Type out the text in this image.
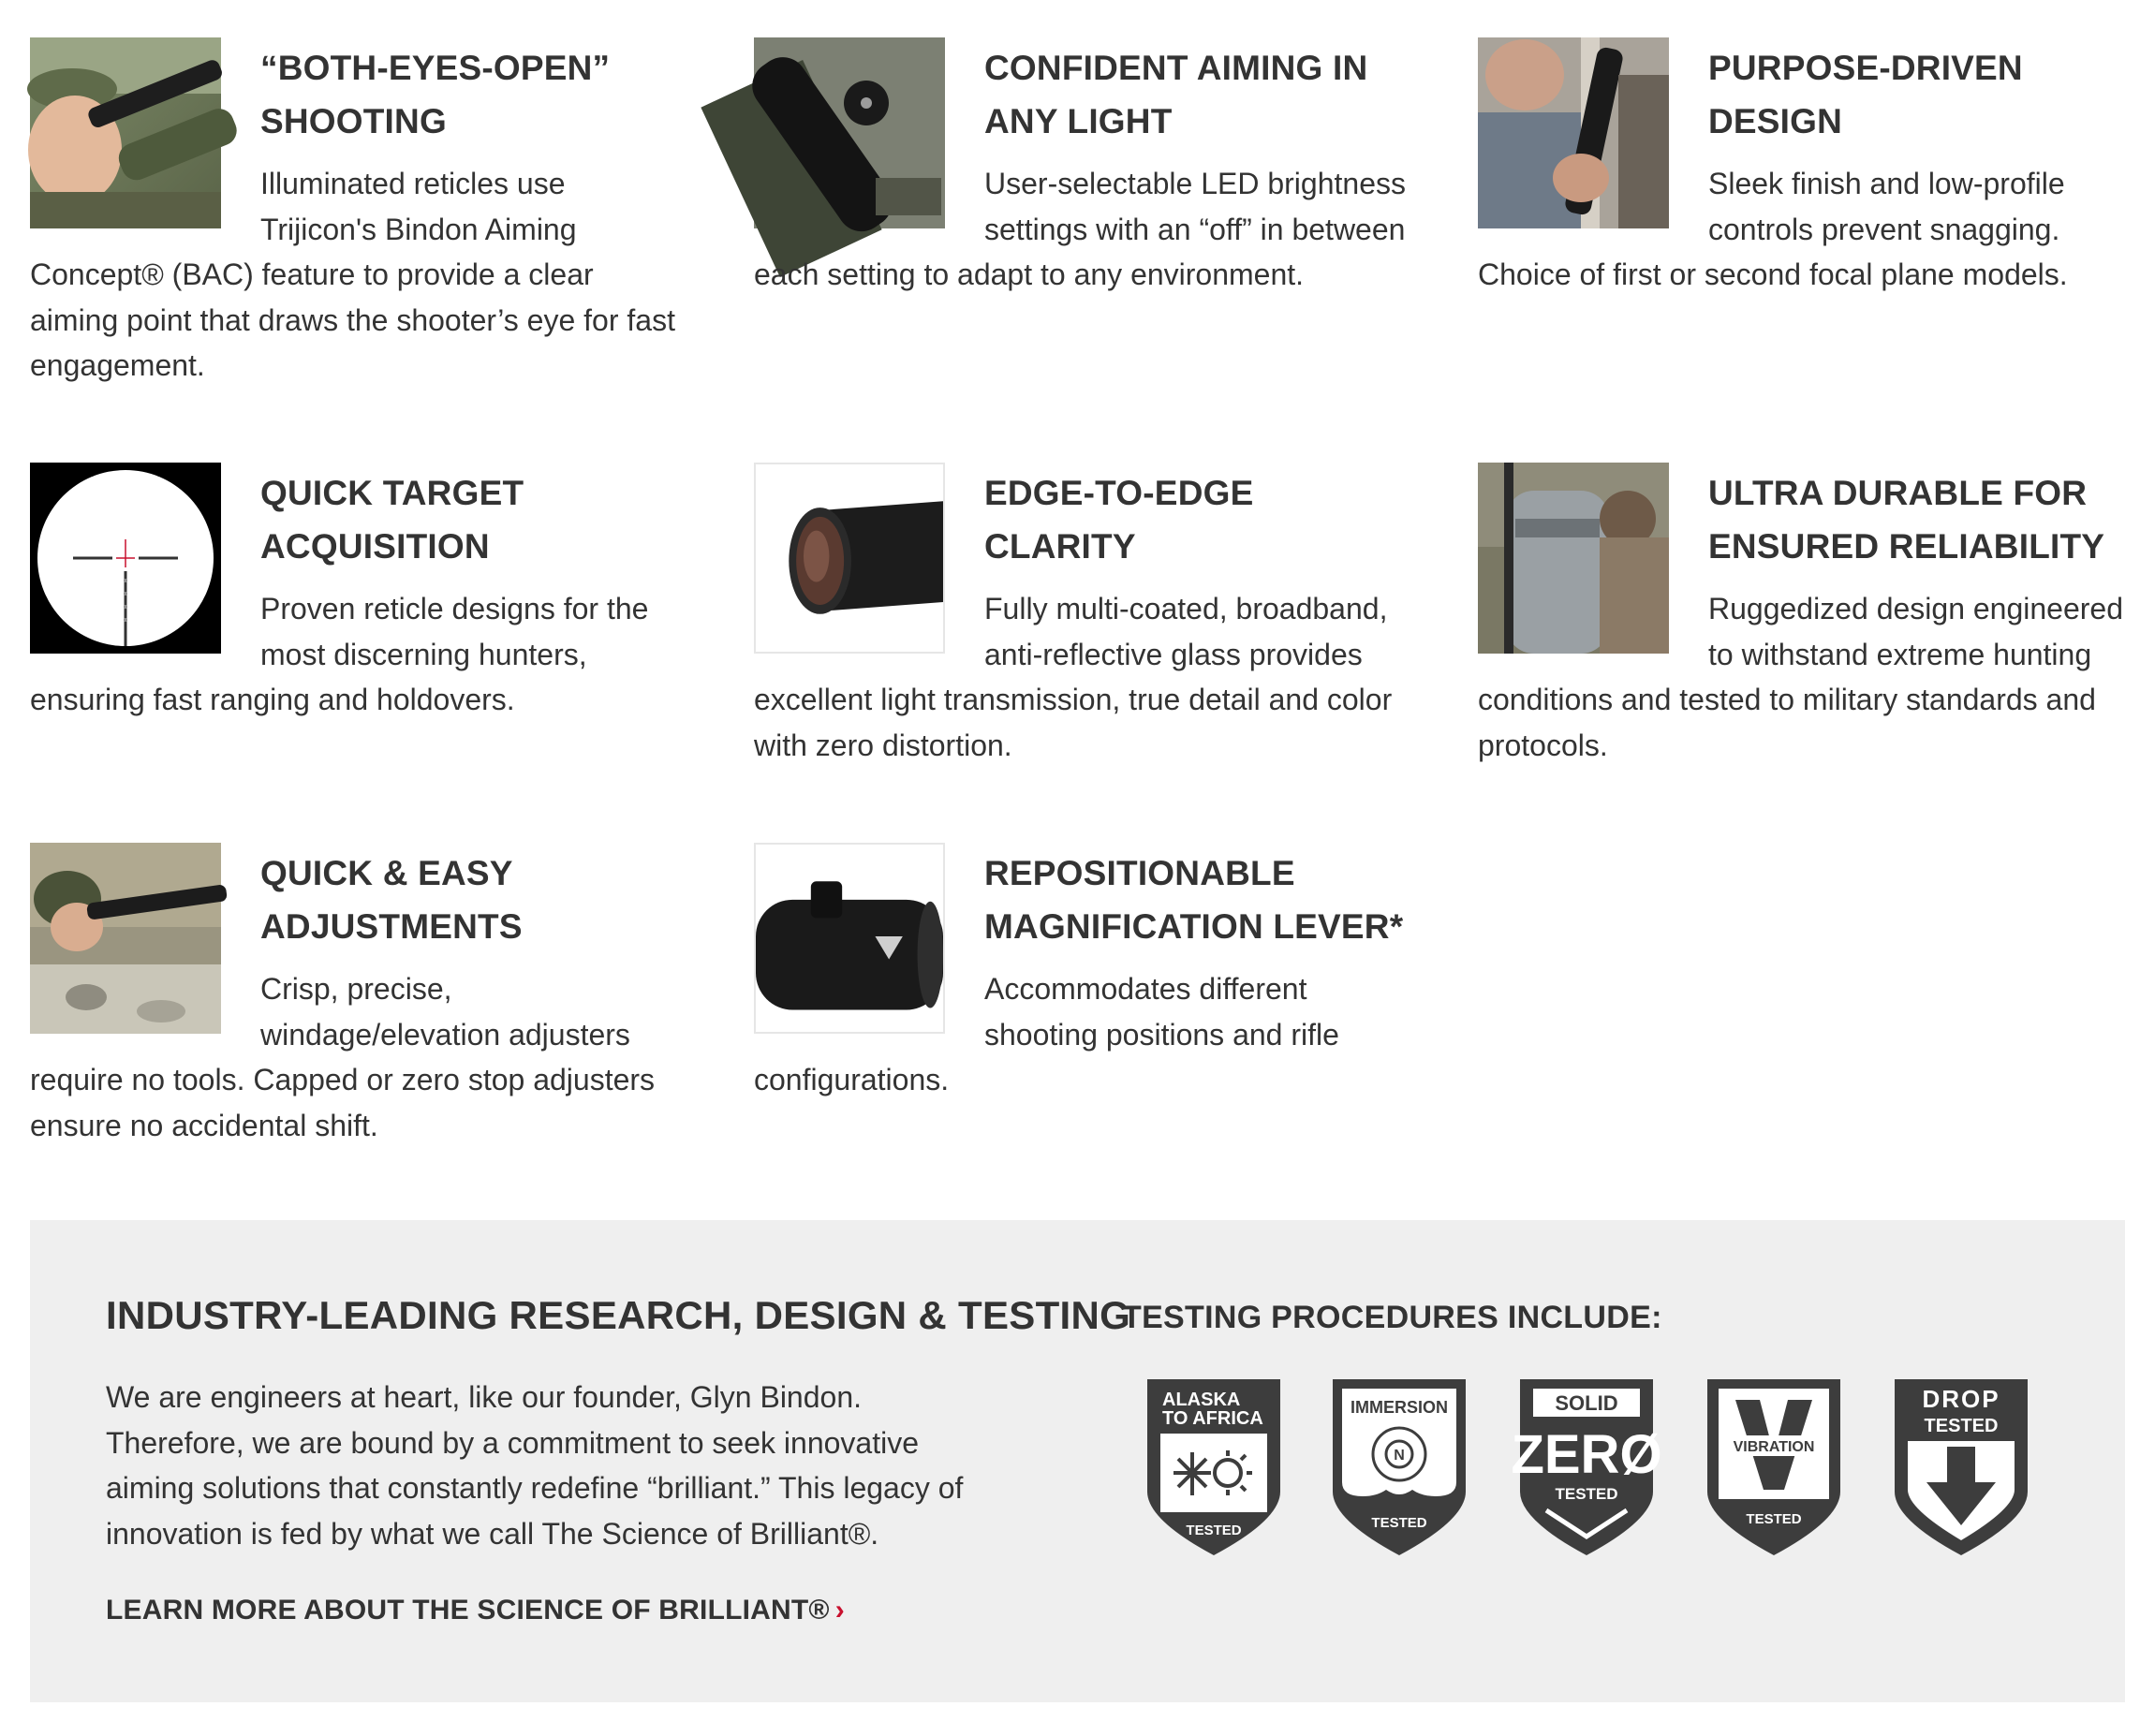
“BOTH-EYES-OPEN” SHOOTING

Illuminated reticles use Trijicon's Bindon Aiming Concept® (BAC) feature to provide a clear aiming point that draws the shooter’s eye for fast engagement.

CONFIDENT AIMING IN ANY LIGHT

User-selectable LED brightness settings with an “off” in between each setting to adapt to any environment.

PURPOSE-DRIVEN DESIGN

Sleek finish and low-profile controls prevent snagging. Choice of first or second focal plane models.

QUICK TARGET ACQUISITION

Proven reticle designs for the most discerning hunters, ensuring fast ranging and holdovers.

EDGE-TO-EDGE CLARITY

Fully multi-coated, broadband, anti-reflective glass provides excellent light transmission, true detail and color with zero distortion.

ULTRA DURABLE FOR ENSURED RELIABILITY

Ruggedized design engineered to withstand extreme hunting conditions and tested to military standards and protocols.

QUICK & EASY ADJUSTMENTS

Crisp, precise, windage/elevation adjusters require no tools. Capped or zero stop adjusters ensure no accidental shift.

REPOSITIONABLE MAGNIFICATION LEVER*

Accommodates different shooting positions and rifle configurations.

INDUSTRY-LEADING RESEARCH, DESIGN & TESTING

We are engineers at heart, like our founder, Glyn Bindon. Therefore, we are bound by a commitment to seek innovative aiming solutions that constantly redefine “brilliant.” This legacy of innovation is fed by what we call The Science of Brilliant®.

LEARN MORE ABOUT THE SCIENCE OF BRILLIANT® ›
TESTING PROCEDURES INCLUDE:
ALASKA
TO AFRICA
TESTED
IMMERSION
N
TESTED
SOLID
ZERØ
TESTED
VIBRATION
TESTED
DROP
TESTED
